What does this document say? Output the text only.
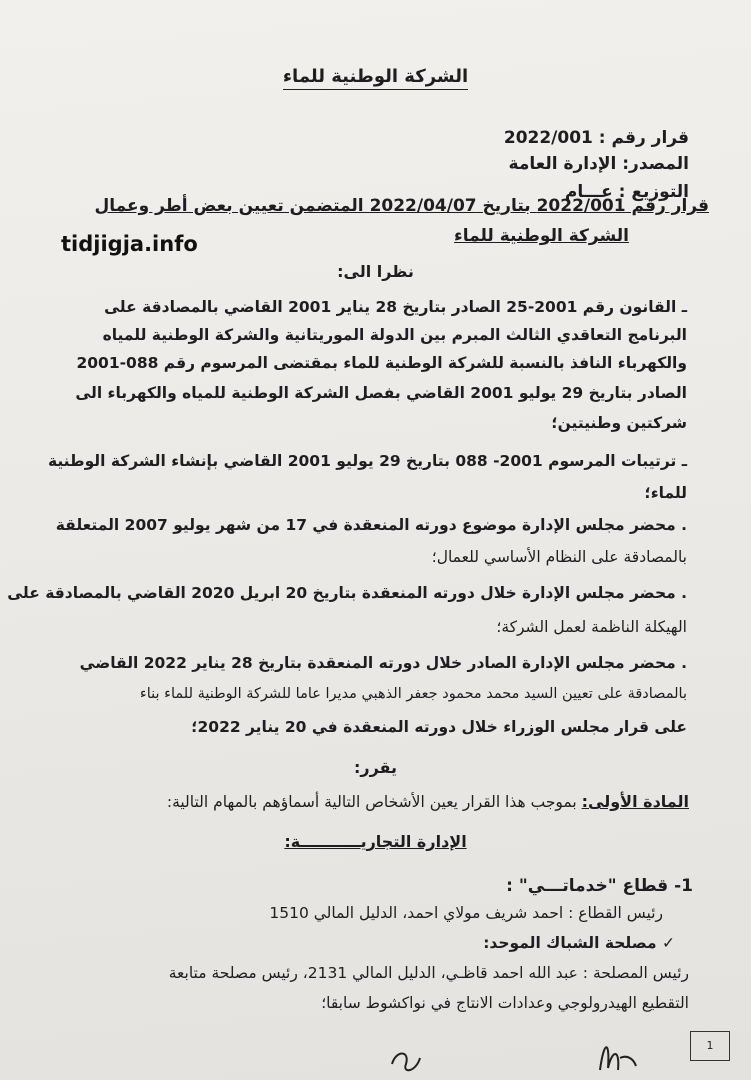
الشركة الوطنية للماء
قرار رقم : 2022/001
المصدر: الإدارة العامة
التوزيع : عـــام
قرار رقم 2022/001 بتاريخ 2022/04/07 المتضمن تعيين بعض أطر وعمال
الشركة الوطنية للماء
tidjigja.info
نظرا الى:
ـ القانون رقم 2001-25 الصادر بتاريخ 28 يناير 2001 القاضي بالمصادقة على
البرنامج التعاقدي الثالث المبرم بين الدولة الموريتانية والشركة الوطنية للمياه
والكهرباء النافذ بالنسبة للشركة الوطنية للماء بمقتضى المرسوم رقم 088-2001
الصادر بتاريخ 29 يوليو 2001 القاضي بفصل الشركة الوطنية للمياه والكهرباء الى
شركتين وطنيتين؛
ـ ترتيبات المرسوم 2001- 088 بتاريخ 29 يوليو 2001 القاضي بإنشاء الشركة الوطنية
للماء؛
. محضر مجلس الإدارة موضوع دورته المنعقدة في 17 من شهر يوليو 2007 المتعلقة
بالمصادقة على النظام الأساسي للعمال؛
. محضر مجلس الإدارة خلال دورته المنعقدة بتاريخ 20 ابريل 2020 القاضي بالمصادقة على
الهيكلة الناظمة لعمل الشركة؛
. محضر مجلس الإدارة الصادر خلال دورته المنعقدة بتاريخ 28 يناير 2022 القاضي
بالمصادقة على تعيين السيد محمد محمود جعفر الذهبي مديرا عاما للشركة الوطنية للماء بناء
على قرار مجلس الوزراء خلال دورته المنعقدة في 20 يناير 2022؛
يقرر:
المادة الأولى: بموجب هذا القرار يعين الأشخاص التالية أسماؤهم بالمهام التالية:
الإدارة التجاريـــــــــــة:
1- قطاع "خدماتـــي" :
رئيس القطاع : احمد شريف مولاي احمد، الدليل المالي 1510
✓ مصلحة الشباك الموحد:
رئيس المصلحة : عبد الله احمد قاظـي، الدليل المالي 2131، رئيس مصلحة متابعة
التقطيع الهيدرولوجي وعدادات الانتاج في نواكشوط سابقا؛
1
